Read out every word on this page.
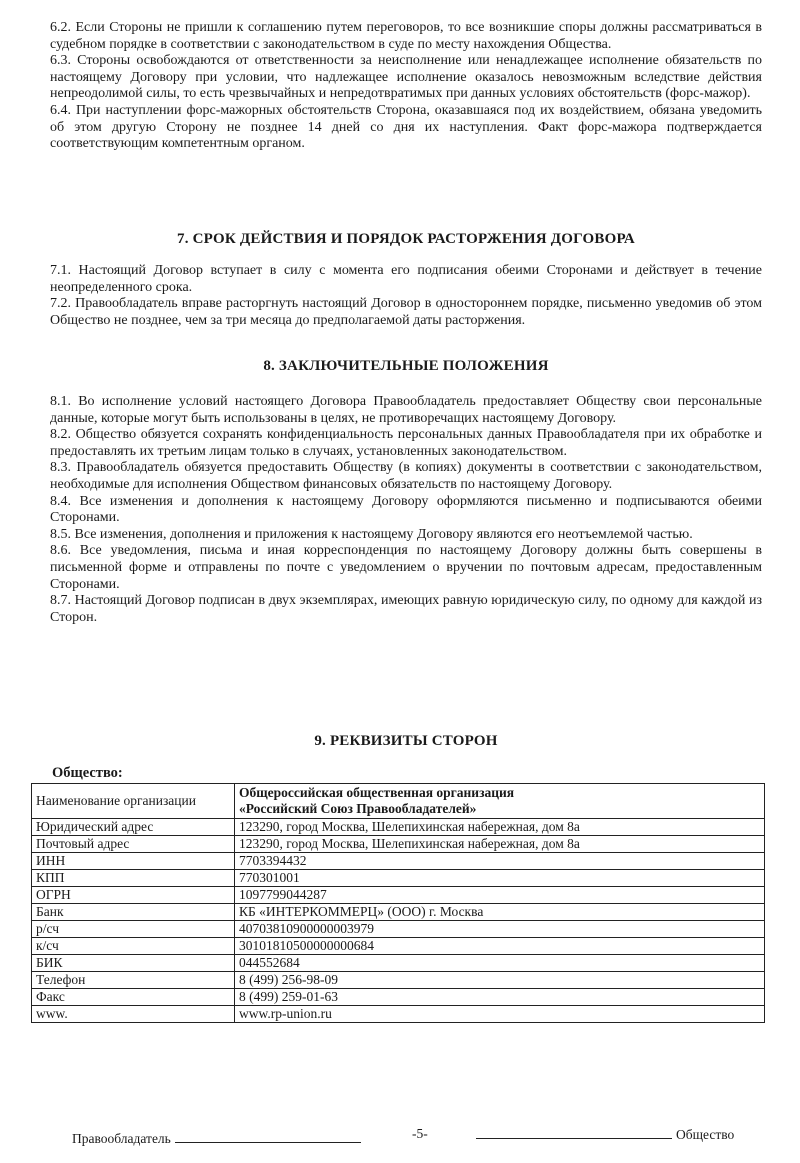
6.2. Если Стороны не пришли к соглашению путем переговоров, то все возникшие споры должны рассматриваться в судебном порядке в соответствии с законодательством в суде по месту нахождения Общества.

6.3. Стороны освобождаются от ответственности за неисполнение или ненадлежащее исполнение обязательств по настоящему Договору при условии, что надлежащее исполнение оказалось невозможным вследствие действия непреодолимой силы, то есть чрезвычайных и непредотвратимых при данных условиях обстоятельств (форс-мажор).

6.4. При наступлении форс-мажорных обстоятельств Сторона, оказавшаяся под их воздействием, обязана уведомить об этом другую Сторону не позднее 14 дней со дня их наступления. Факт форс-мажора подтверждается соответствующим компетентным органом.

7. СРОК ДЕЙСТВИЯ И ПОРЯДОК РАСТОРЖЕНИЯ ДОГОВОРА

7.1. Настоящий Договор вступает в силу с момента его подписания обеими Сторонами и действует в течение неопределенного срока.

7.2. Правообладатель вправе расторгнуть настоящий Договор в одностороннем порядке, письменно уведомив об этом Общество не позднее, чем за три месяца до предполагаемой даты расторжения.

8. ЗАКЛЮЧИТЕЛЬНЫЕ ПОЛОЖЕНИЯ

8.1. Во исполнение условий настоящего Договора Правообладатель предоставляет Обществу свои персональные данные, которые могут быть использованы в целях, не противоречащих настоящему Договору.

8.2. Общество обязуется сохранять конфиденциальность персональных данных Правообладателя при их обработке и предоставлять их третьим лицам только в случаях, установленных законодательством.

8.3. Правообладатель обязуется предоставить Обществу (в копиях) документы в соответствии с законодательством, необходимые для исполнения Обществом финансовых обязательств по настоящему Договору.

8.4. Все изменения и дополнения к настоящему Договору оформляются письменно и подписываются обеими Сторонами.

8.5. Все изменения, дополнения и приложения к настоящему Договору являются его неотъемлемой частью.

8.6. Все уведомления, письма и иная корреспонденция по настоящему Договору должны быть совершены в письменной форме и отправлены по почте с уведомлением о вручении по почтовым адресам, предоставленным Сторонами.

8.7. Настоящий Договор подписан в двух экземплярах, имеющих равную юридическую силу, по одному для каждой из Сторон.

9. РЕКВИЗИТЫ СТОРОН
Общество:
Наименование организации	Общероссийская общественная организация
«Российский Союз Правообладателей»

Юридический адрес	123290, город Москва, Шелепихинская набережная, дом 8а
Почтовый адрес	123290, город Москва, Шелепихинская набережная, дом 8а
ИНН	7703394432
КПП	770301001
ОГРН	1097799044287
Банк	КБ «ИНТЕРКОММЕРЦ» (ООО) г. Москва
р/сч	40703810900000003979
к/сч	30101810500000000684
БИК	044552684
Телефон	8 (499) 256-98-09
Факс	8 (499) 259-01-63
www.	www.rp-union.ru
Правообладатель	-5-	Общество
